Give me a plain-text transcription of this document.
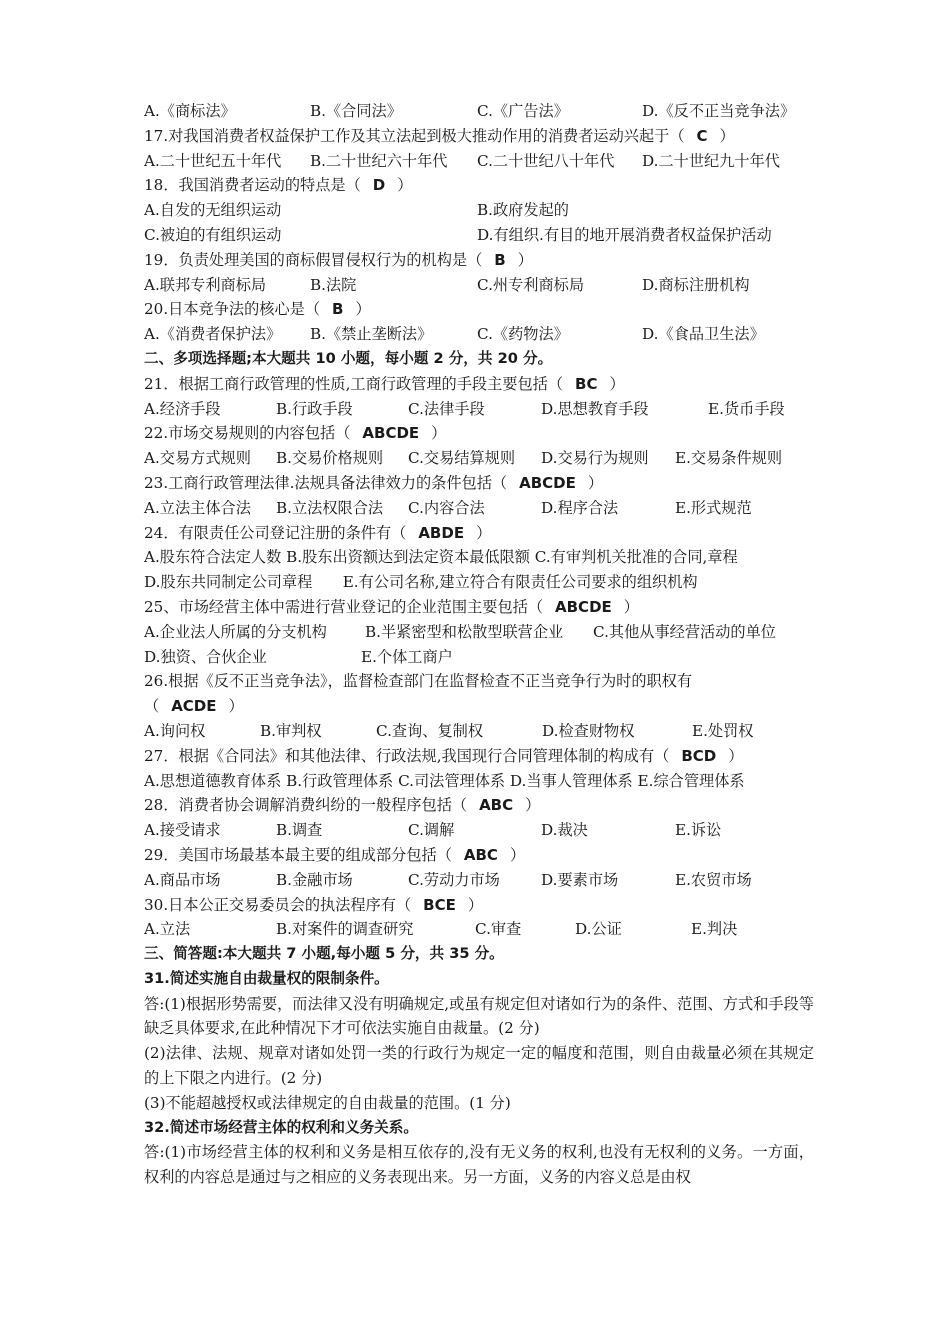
A.《商标法》	B.《合同法》	C.《广告法》	D.《反不正当竞争法》
17.对我国消费者权益保护工作及其立法起到极大推动作用的消费者运动兴起于（ C ）
A.二十世纪五十年代 B.二十世纪六十年代 C.二十世纪八十年代 D.二十世纪九十年代
18．我国消费者运动的特点是（ D ）
A.自发的无组织运动	B.政府发起的
C.被迫的有组织运动	D.有组织.有目的地开展消费者权益保护活动
19．负责处理美国的商标假冒侵权行为的机构是（ B ）
A.联邦专利商标局	B.法院	C.州专利商标局	D.商标注册机构
20.日本竞争法的核心是（ B ）
A.《消费者保护法》 B.《禁止垄断法》	C.《药物法》	D.《食品卫生法》
二、多项选择题;本大题共 10 小题，每小题 2 分，共 20 分。
21．根据工商行政管理的性质,工商行政管理的手段主要包括（ BC ）
A.经济手段	B.行政手段	C.法律手段	D.思想教育手段	E.货币手段
22.市场交易规则的内容包括（ ABCDE ）
A.交易方式规则 B.交易价格规则 C.交易结算规则 D.交易行为规则 E.交易条件规则
23.工商行政管理法律.法规具备法律效力的条件包括（ ABCDE ）
A.立法主体合法 B.立法权限合法 C.内容合法	D.程序合法	E.形式规范
24．有限责任公司登记注册的条件有（ ABDE ）
A.股东符合法定人数 B.股东出资额达到法定资本最低限额 C.有审判机关批准的合同,章程
D.股东共同制定公司章程　　E.有公司名称,建立符合有限责任公司要求的组织机构
25、市场经营主体中需进行营业登记的企业范围主要包括（ ABCDE ）
A.企业法人所属的分支机构	B.半紧密型和松散型联营企业 C.其他从事经营活动的单位
D.独资、合伙企业	E.个体工商户
26.根据《反不正当竞争法》，监督检查部门在监督检查不正当竞争行为时的职权有
（ ACDE ）
A.询问权	B.审判权	C.查询、复制权	D.检查财物权	E.处罚权
27．根据《合同法》和其他法律、行政法规,我国现行合同管理体制的构成有（ BCD ）
A.思想道德教育体系 B.行政管理体系 C.司法管理体系 D.当事人管理体系 E.综合管理体系
28．消费者协会调解消费纠纷的一般程序包括（ ABC ）
A.接受请求	B.调查	C.调解	D.裁决	E.诉讼
29．美国市场最基本最主要的组成部分包括（ ABC ）
A.商品市场	B.金融市场	C.劳动力市场	D.要素市场	E.农贸市场
30.日本公正交易委员会的执法程序有（ BCE ）
A.立法	B.对案件的调查研究	C.审查	D.公证	E.判决
三、简答题:本大题共 7 小题,每小题 5 分，共 35 分。
31.简述实施自由裁量权的限制条件。
答:(1)根据形势需要，而法律又没有明确规定,或虽有规定但对诸如行为的条件、范围、方式和手段等缺乏具体要求,在此种情况下才可依法实施自由裁量。(2 分)
(2)法律、法规、规章对诸如处罚一类的行政行为规定一定的幅度和范围，则自由裁量必须在其规定的上下限之内进行。(2 分)
(3)不能超越授权或法律规定的自由裁量的范围。(1 分)
32.简述市场经营主体的权利和义务关系。
答:(1)市场经营主体的权利和义务是相互依存的,没有无义务的权利,也没有无权利的义务。一方面，权利的内容总是通过与之相应的义务表现出来。另一方面，义务的内容义总是由权
